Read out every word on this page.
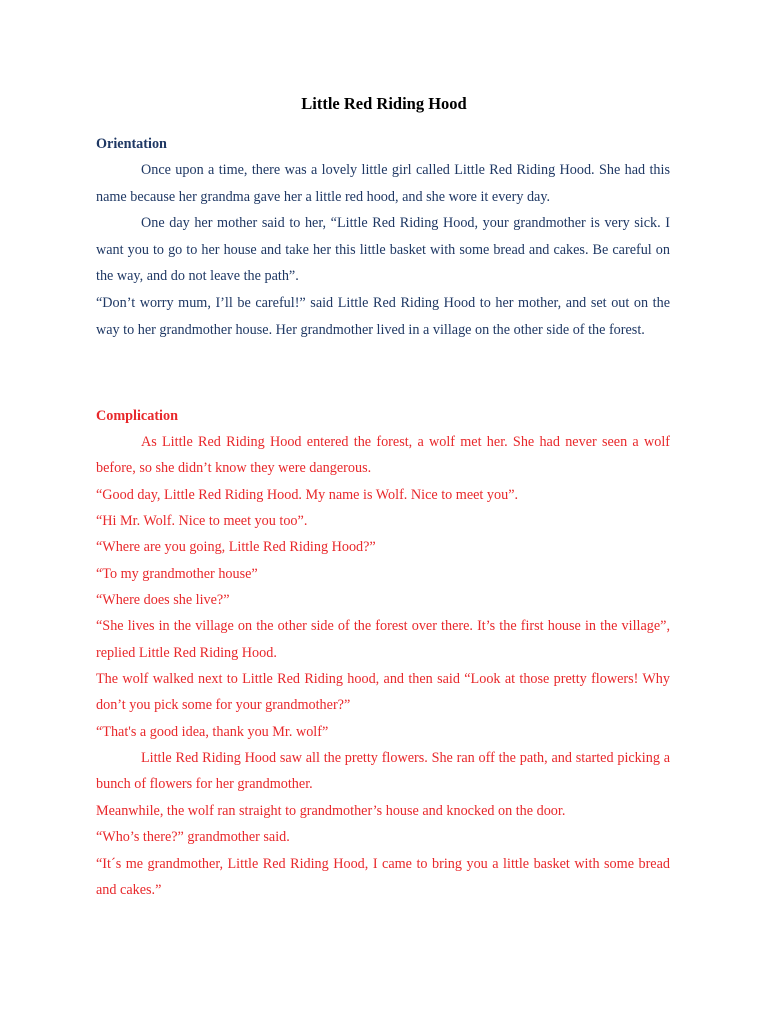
Little Red Riding Hood

Orientation

Once upon a time, there was a lovely little girl called Little Red Riding Hood. She had this name because her grandma gave her a little red hood, and she wore it every day.

One day her mother said to her, “Little Red Riding Hood, your grandmother is very sick. I want you to go to her house and take her this little basket with some bread and cakes. Be careful on the way, and do not leave the path”.

“Don’t worry mum, I’ll be careful!” said Little Red Riding Hood to her mother, and set out on the way to her grandmother house. Her grandmother lived in a village on the other side of the forest.

Complication

As Little Red Riding Hood entered the forest, a wolf met her. She had never seen a wolf before, so she didn’t know they were dangerous.

“Good day, Little Red Riding Hood. My name is Wolf. Nice to meet you”.

“Hi Mr. Wolf. Nice to meet you too”.

“Where are you going, Little Red Riding Hood?”

“To my grandmother house”

“Where does she live?”

“She lives in the village on the other side of the forest over there. It’s the first house in the village”, replied Little Red Riding Hood.

The wolf walked next to Little Red Riding hood, and then said “Look at those pretty flowers! Why don’t you pick some for your grandmother?”

“That's a good idea, thank you Mr. wolf”

Little Red Riding Hood saw all the pretty flowers. She ran off the path, and started picking a bunch of flowers for her grandmother.

Meanwhile, the wolf ran straight to grandmother’s house and knocked on the door.

“Who’s there?” grandmother said.

“It´s me grandmother, Little Red Riding Hood, I came to bring you a little basket with some bread and cakes.”
